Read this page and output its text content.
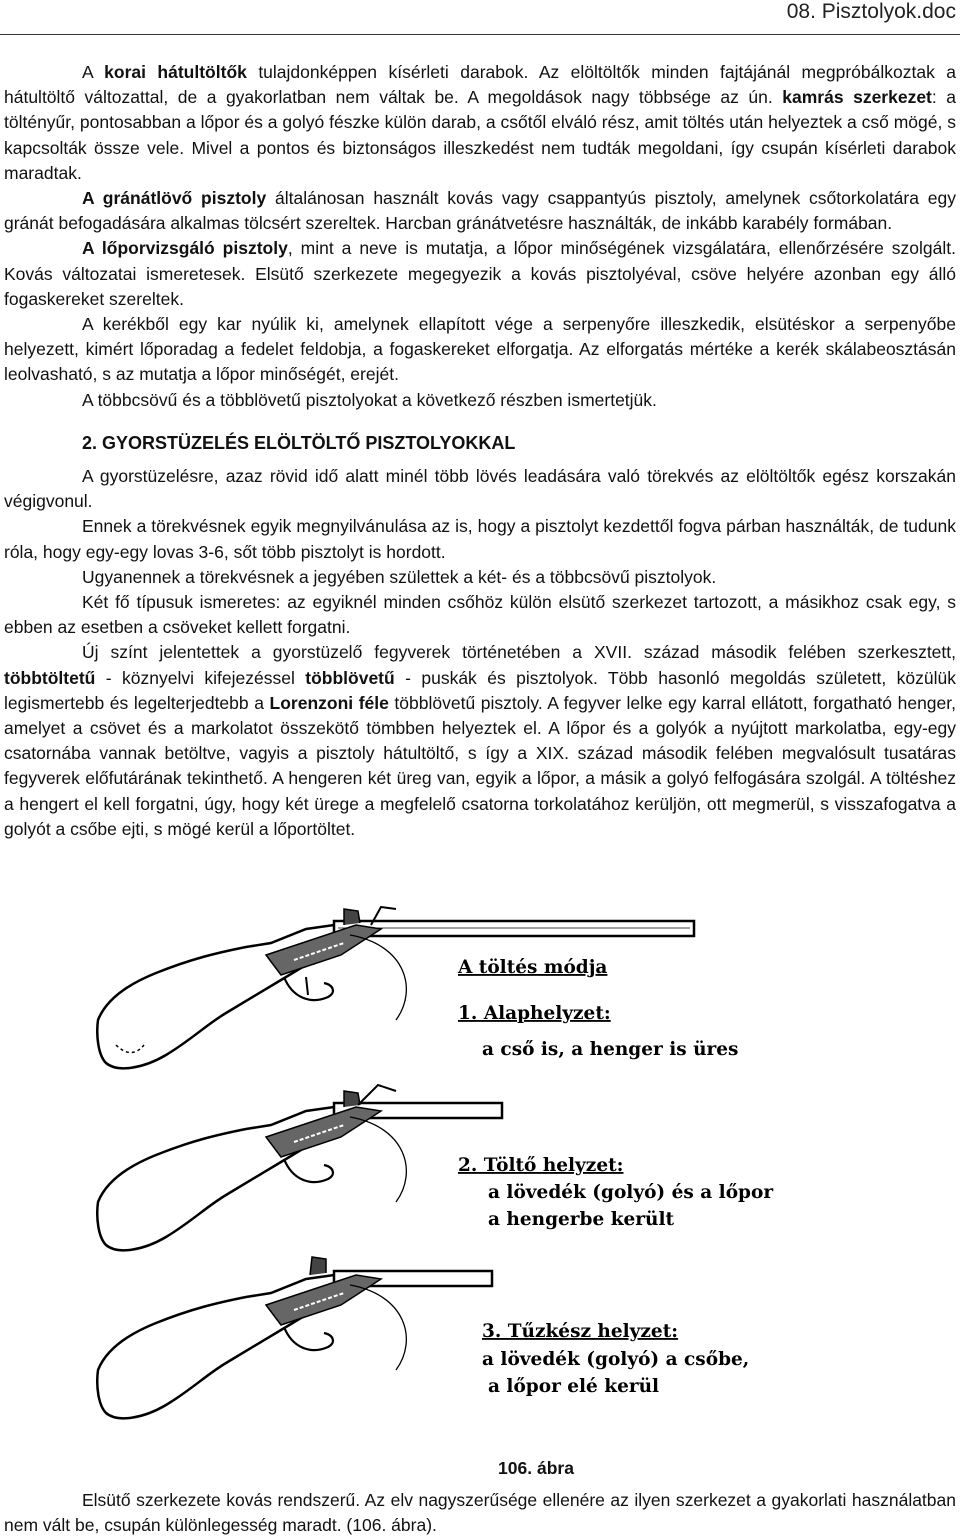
08. Pisztolyok.doc

A korai hátultöltők tulajdonképpen kísérleti darabok. Az elöltöltők minden fajtájánál megpróbálkoztak a hátultöltő változattal, de a gyakorlatban nem váltak be. A megoldások nagy többsége az ún. kamrás szerkezet: a töltényűr, pontosabban a lőpor és a golyó fészke külön darab, a csőtől elváló rész, amit töltés után helyeztek a cső mögé, s kapcsolták össze vele. Mivel a pontos és biztonságos illeszkedést nem tudták megoldani, így csupán kísérleti darabok maradtak.

A gránátlövő pisztoly általánosan használt kovás vagy csappantyús pisztoly, amelynek csőtorkolatára egy gránát befogadására alkalmas tölcsért szereltek. Harcban gránátvetésre használták, de inkább karabély formában.

A lőporvizsgáló pisztoly, mint a neve is mutatja, a lőpor minőségének vizsgálatára, ellenőrzésére szolgált. Kovás változatai ismeretesek. Elsütő szerkezete megegyezik a kovás pisztolyéval, csöve helyére azonban egy álló fogaskereket szereltek.

A kerékből egy kar nyúlik ki, amelynek ellapított vége a serpenyőre illeszkedik, elsütéskor a serpenyőbe helyezett, kimért lőporadag a fedelet feldobja, a fogaskereket elforgatja. Az elforgatás mértéke a kerék skálabeosztásán leolvasható, s az mutatja a lőpor minőségét, erejét.

A többcsövű és a többlövetű pisztolyokat a következő részben ismertetjük.

2. GYORSTÜZELÉS ELÖLTÖLTŐ PISZTOLYOKKAL

A gyorstüzelésre, azaz rövid idő alatt minél több lövés leadására való törekvés az elöltöltők egész korszakán végigvonul.

Ennek a törekvésnek egyik megnyilvánulása az is, hogy a pisztolyt kezdettől fogva párban használták, de tudunk róla, hogy egy-egy lovas 3-6, sőt több pisztolyt is hordott.

Ugyanennek a törekvésnek a jegyében születtek a két- és a többcsövű pisztolyok.

Két fő típusuk ismeretes: az egyiknél minden csőhöz külön elsütő szerkezet tartozott, a másikhoz csak egy, s ebben az esetben a csöveket kellett forgatni.

Új színt jelentettek a gyorstüzelő fegyverek történetében a XVII. század második felében szerkesztett, többtöltetű - köznyelvi kifejezéssel többlövetű - puskák és pisztolyok. Több hasonló megoldás született, közülük legismertebb és legelterjedtebb a Lorenzoni féle többlövetű pisztoly. A fegyver lelke egy karral ellátott, forgatható henger, amelyet a csövet és a markolatot összekötő tömbben helyeztek el. A lőpor és a golyók a nyújtott markolatba, egy-egy csatornába vannak betöltve, vagyis a pisztoly hátultöltő, s így a XIX. század második felében megvalósult tusatáras fegyverek előfutárának tekinthető. A hengeren két üreg van, egyik a lőpor, a másik a golyó felfogására szolgál. A töltéshez a hengert el kell forgatni, úgy, hogy két ürege a megfelelő csatorna torkolatához kerüljön, ott megmerül, s visszafogatva a golyót a csőbe ejti, s mögé kerül a lőportöltet.

A töltés módja
1. Alaphelyzet:
a cső is, a henger is üres
2. Töltő helyzet:
a lövedék (golyó) és a lőpor
a hengerbe került
3. Tűzkész helyzet:
a lövedék (golyó) a csőbe,
a lőpor elé kerül
106. ábra

Elsütő szerkezete kovás rendszerű. Az elv nagyszerűsége ellenére az ilyen szerkezet a gyakorlati használatban nem vált be, csupán különlegesség maradt. (106. ábra).
